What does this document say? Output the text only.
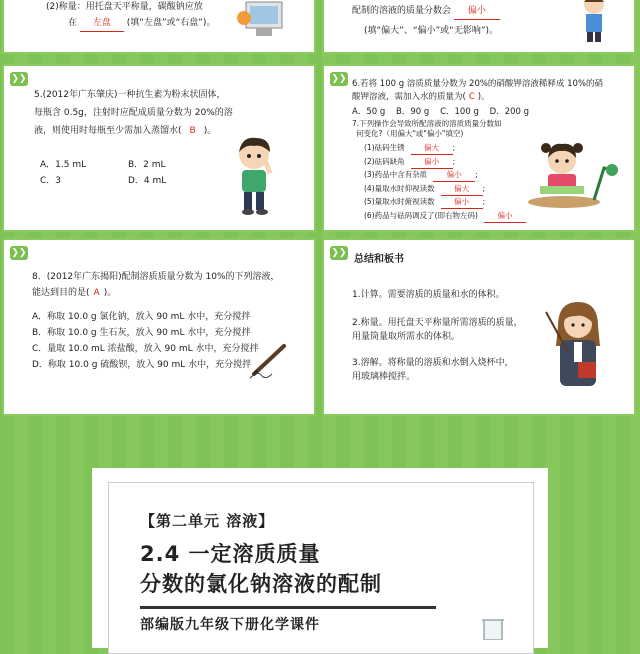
(2)称量：用托盘天平称量，碳酸钠应放
在 左盘 (填“左盘”或“右盘”)。
配制的溶液的质量分数会 偏小
(填“偏大”、“偏小”或“无影响”)。
❯❯
5.(2012年广东肇庆)一种抗生素为粉末状固体，
每瓶含 0.5g，注射时应配成质量分数为 20%的溶
液，则使用时每瓶至少需加入蒸馏水( B )。
A．1.5 mL	B．2 mL
C．3	D．4 mL
❯❯ 6.若将 100 g 溶质质量分数为 20%的硝酸钾溶液稀释成 10%的硝
酸钾溶液，需加入水的质量为( C )。
A．50 g    B．90 g    C．100 g    D．200 g
7.下列操作会导致所配溶液的溶质质量分数如
何变化?（用偏大"或"偏小"填空)
(1)砝码生锈	偏大 ;
(2)砝码缺角	偏小 ;
(3)药品中含有杂质	偏小 ;
(4)量取水时仰视读数	偏大 ;
(5)量取水时俯视读数	偏小 ;
(6)药品与砝码调反了(即右物左码)	偏小
❯❯
8．(2012年广东揭阳)配制溶质质量分数为 10%的下列溶液，
能达到目的是( A )。
A．称取 10.0 g 氯化钠，放入 90 mL 水中，充分搅拌
B．称取 10.0 g 生石灰，放入 90 mL 水中，充分搅拌
C．量取 10.0 mL 浓盐酸，放入 90 mL 水中，充分搅拌
D．称取 10.0 g 硫酸钡，放入 90 mL 水中，充分搅拌
❯❯
总结和板书
1.计算。需要溶质的质量和水的体积。
2.称量。用托盘天平称量所需溶质的质量，
用量筒量取所需水的体积。
3.溶解。将称量的溶质和水倒入烧杯中，
用玻璃棒搅拌。
【第二单元 溶液】
2.4 一定溶质质量
分数的氯化钠溶液的配制
部编版九年级下册化学课件
